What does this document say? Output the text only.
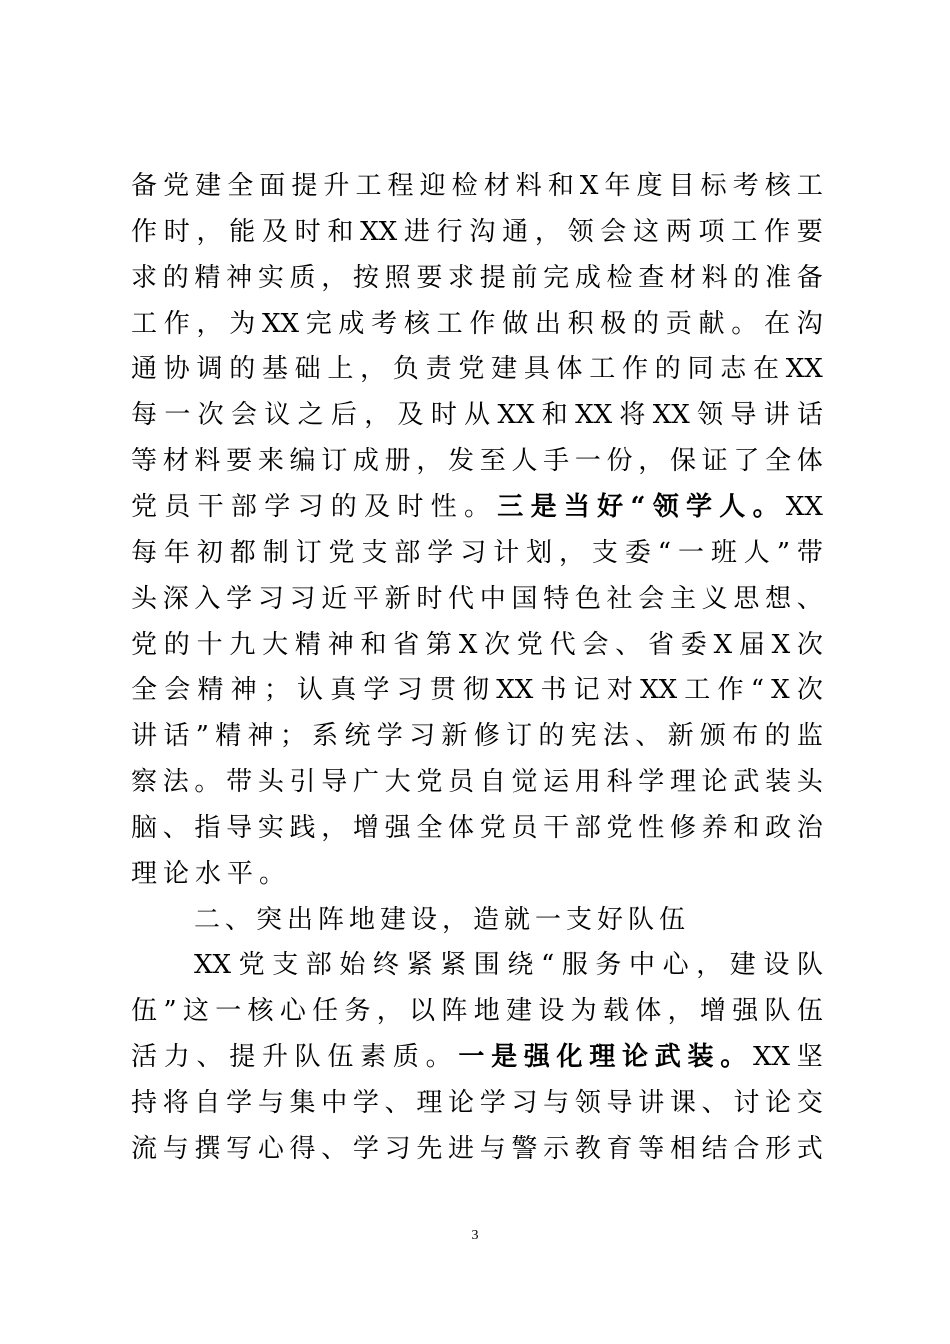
备 党 建 全 面 提 升 工 程 迎 检 材 料 和 X 年 度 目 标 考 核 工
作 时 ， 能 及 时 和 XX 进 行 沟 通 ， 领 会 这 两 项 工 作 要
求 的 精 神 实 质 ， 按 照 要 求 提 前 完 成 检 查 材 料 的 准 备
工 作 ， 为 XX 完 成 考 核 工 作 做 出 积 极 的 贡 献 。 在 沟
通 协 调 的 基 础 上 ， 负 责 党 建 具 体 工 作 的 同 志 在 XX
每 一 次 会 议 之 后 ， 及 时 从 XX 和 XX 将 XX 领 导 讲 话
等 材 料 要 来 编 订 成 册 ， 发 至 人 手 一 份 ， 保 证 了 全 体
党 员 干 部 学 习 的 及 时 性 。 三 是 当 好 “ 领 学 人 。 XX
每 年 初 都 制 订 党 支 部 学 习 计 划 ， 支 委 “ 一 班 人 ” 带
头 深 入 学 习 习 近 平 新 时 代 中 国 特 色 社 会 主 义 思 想 、
党 的 十 九 大 精 神 和 省 第 X 次 党 代 会 、 省 委 X 届 X 次
全 会 精 神 ； 认 真 学 习 贯 彻 XX 书 记 对 XX 工 作 “ X 次
讲 话 ” 精 神 ； 系 统 学 习 新 修 订 的 宪 法 、 新 颁 布 的 监
察 法 。 带 头 引 导 广 大 党 员 自 觉 运 用 科 学 理 论 武 装 头
脑 、 指 导 实 践 ， 增 强 全 体 党 员 干 部 党 性 修 养 和 政 治
理论水平。
二、突出阵地建设，造就一支好队伍
XX 党 支 部 始 终 紧 紧 围 绕 “ 服 务 中 心 ， 建 设 队
伍 ” 这 一 核 心 任 务 ， 以 阵 地 建 设 为 载 体 ， 增 强 队 伍
活 力 、 提 升 队 伍 素 质 。 一 是 强 化 理 论 武 装 。 XX 坚
持 将 自 学 与 集 中 学 、 理 论 学 习 与 领 导 讲 课 、 讨 论 交
流 与 撰 写 心 得 、 学 习 先 进 与 警 示 教 育 等 相 结 合 形 式
3
